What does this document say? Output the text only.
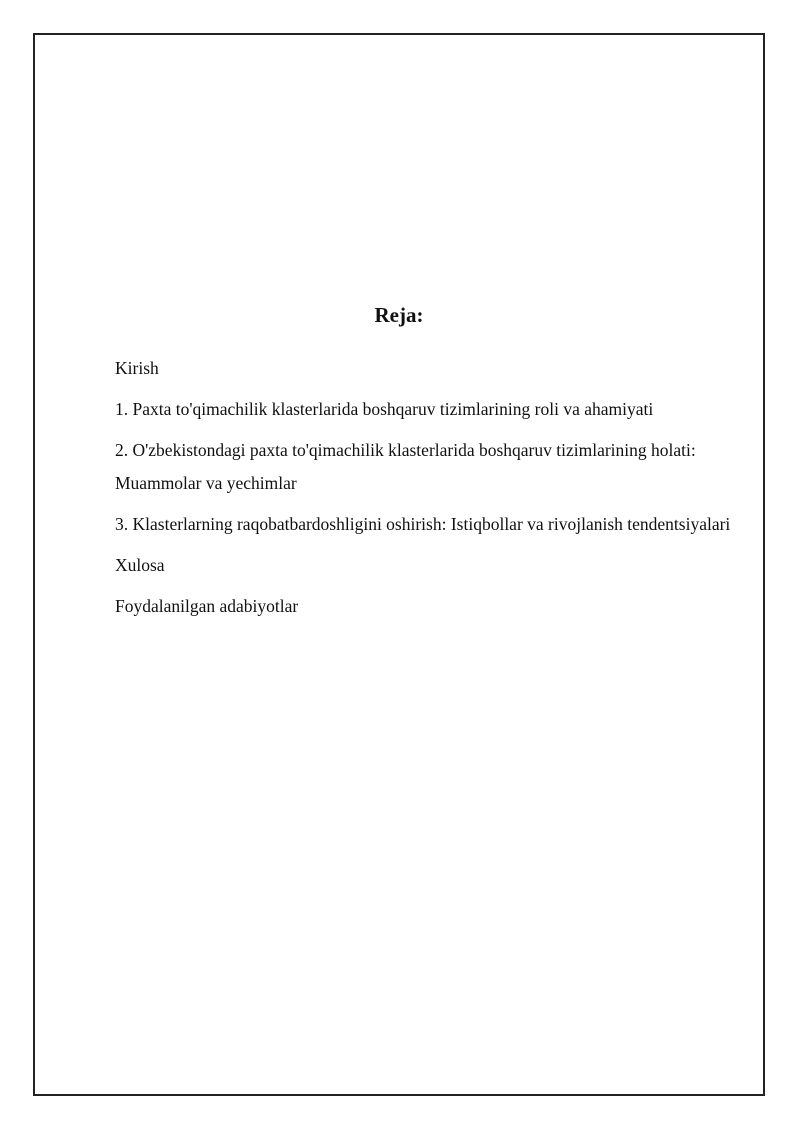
Reja:
Kirish
1. Paxta to'qimachilik klasterlarida boshqaruv tizimlarining roli va ahamiyati
2. O'zbekistondagi paxta to'qimachilik klasterlarida boshqaruv tizimlarining holati: Muammolar va yechimlar
3. Klasterlarning raqobatbardoshligini oshirish: Istiqbollar va rivojlanish tendentsiyalari
Xulosa
Foydalanilgan adabiyotlar
